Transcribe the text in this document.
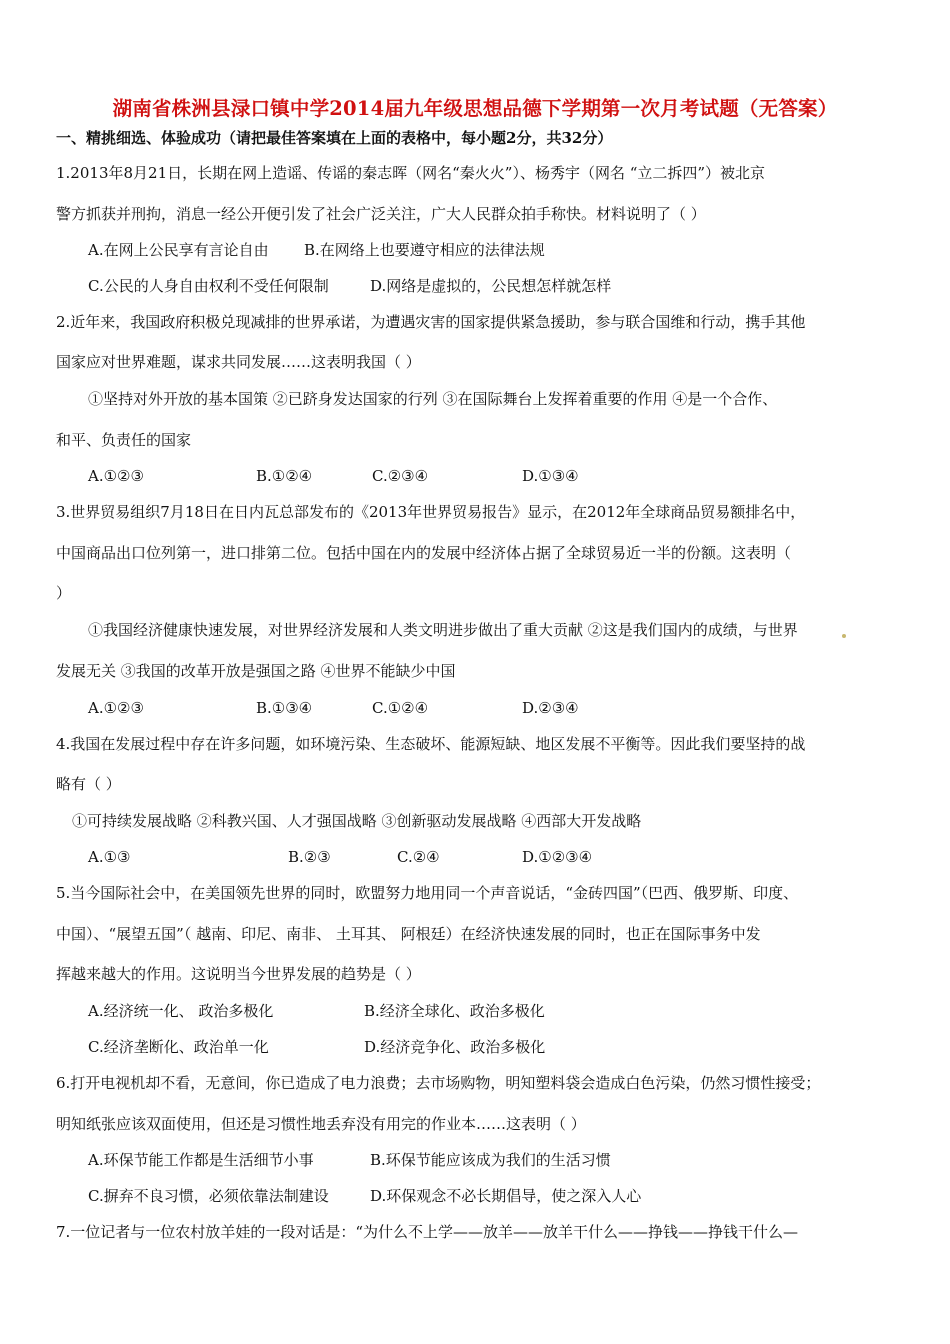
湖南省株洲县渌口镇中学2014届九年级思想品德下学期第一次月考试题（无答案）
一、精挑细选、体验成功（请把最佳答案填在上面的表格中，每小题2分，共32分）
1.2013年8月21日，长期在网上造谣、传谣的秦志晖（网名“秦火火”）、杨秀宇（网名 “立二拆四”）被北京
警方抓获并刑拘，消息一经公开便引发了社会广泛关注，广大人民群众拍手称快。材料说明了（ ）
A.在网上公民享有言论自由 B.在网络上也要遵守相应的法律法规
C.公民的人身自由权利不受任何限制	D.网络是虚拟的，公民想怎样就怎样
2.近年来，我国政府积极兑现减排的世界承诺，为遭遇灾害的国家提供紧急援助，参与联合国维和行动，携手其他
国家应对世界难题，谋求共同发展……这表明我国（ ）
①坚持对外开放的基本国策 ②已跻身发达国家的行列 ③在国际舞台上发挥着重要的作用 ④是一个合作、
和平、负责任的国家
A.①②③	B.①②④	C.②③④	D.①③④
3.世界贸易组织7月18日在日内瓦总部发布的《2013年世界贸易报告》显示，在2012年全球商品贸易额排名中，
中国商品出口位列第一，进口排第二位。包括中国在内的发展中经济体占据了全球贸易近一半的份额。这表明（
）
①我国经济健康快速发展，对世界经济发展和人类文明进步做出了重大贡献 ②这是我们国内的成绩，与世界
发展无关 ③我国的改革开放是强国之路 ④世界不能缺少中国
A.①②③	B.①③④	C.①②④	D.②③④
4.我国在发展过程中存在许多问题，如环境污染、生态破坏、能源短缺、地区发展不平衡等。因此我们要坚持的战
略有（ ）
①可持续发展战略 ②科教兴国、人才强国战略 ③创新驱动发展战略 ④西部大开发战略
A.①③	B.②③	C.②④	D.①②③④
5.当今国际社会中，在美国领先世界的同时，欧盟努力地用同一个声音说话，“金砖四国”（巴西、俄罗斯、印度、
中国）、“展望五国”（ 越南、印尼、南非、 土耳其、 阿根廷）在经济快速发展的同时，也正在国际事务中发
挥越来越大的作用。这说明当今世界发展的趋势是（ ）
A.经济统一化、 政治多极化	B.经济全球化、政治多极化
C.经济垄断化、政治单一化	D.经济竞争化、政治多极化
6.打开电视机却不看，无意间，你已造成了电力浪费；去市场购物，明知塑料袋会造成白色污染，仍然习惯性接受；
明知纸张应该双面使用，但还是习惯性地丢弃没有用完的作业本……这表明（ ）
A.环保节能工作都是生活细节小事	B.环保节能应该成为我们的生活习惯
C.摒弃不良习惯，必须依靠法制建设	D.环保观念不必长期倡导，使之深入人心
7.一位记者与一位农村放羊娃的一段对话是：“为什么不上学——放羊——放羊干什么——挣钱——挣钱干什么—
